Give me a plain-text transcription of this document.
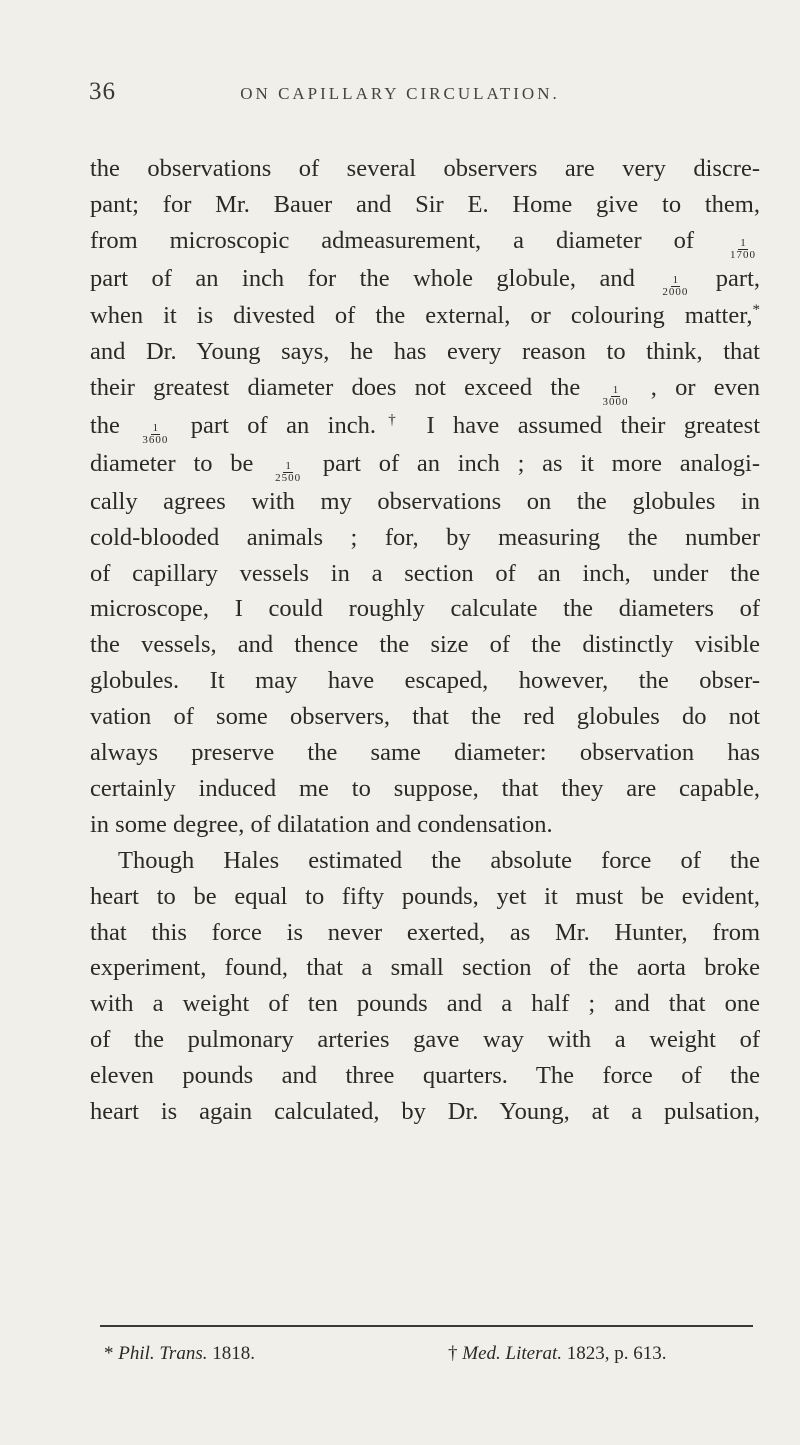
36	ON CAPILLARY CIRCULATION.
the observations of several observers are very discre-
pant; for Mr. Bauer and Sir E. Home give to them,
from microscopic admeasurement, a diameter of	$\frac{1}{1700}$
part of an inch for the whole globule, and $\frac{1}{2000}$ part,
when it is divested of the external, or colouring matter,*
and Dr. Young says, he has every reason to think, that
their greatest diameter does not exceed the $\frac{1}{3000}$ , or even
the $\frac{1}{3600}$ part of an inch.† I have assumed their greatest
diameter to be $\frac{1}{2500}$ part of an inch ; as it more analogi-
cally agrees with my observations on the globules in
cold-blooded animals ; for, by measuring the number
of capillary vessels in a section of an inch, under the
microscope, I could roughly calculate the diameters of
the vessels, and thence the size of the distinctly visible
globules. It may have escaped, however, the obser-
vation of some observers, that the red globules do not
always preserve the same diameter: observation has
certainly induced me to suppose, that they are capable,
in some degree, of dilatation and condensation.
Though Hales estimated the absolute force of the
heart to be equal to fifty pounds, yet it must be evident,
that this force is never exerted, as Mr. Hunter, from
experiment, found, that a small section of the aorta broke
with a weight of ten pounds and a half ; and that one
of the pulmonary arteries gave way with a weight of
eleven pounds and three quarters. The force of the
heart is again calculated, by Dr. Young, at a pulsation,
* Phil. Trans. 1818.	† Med. Literat. 1823, p. 613.
